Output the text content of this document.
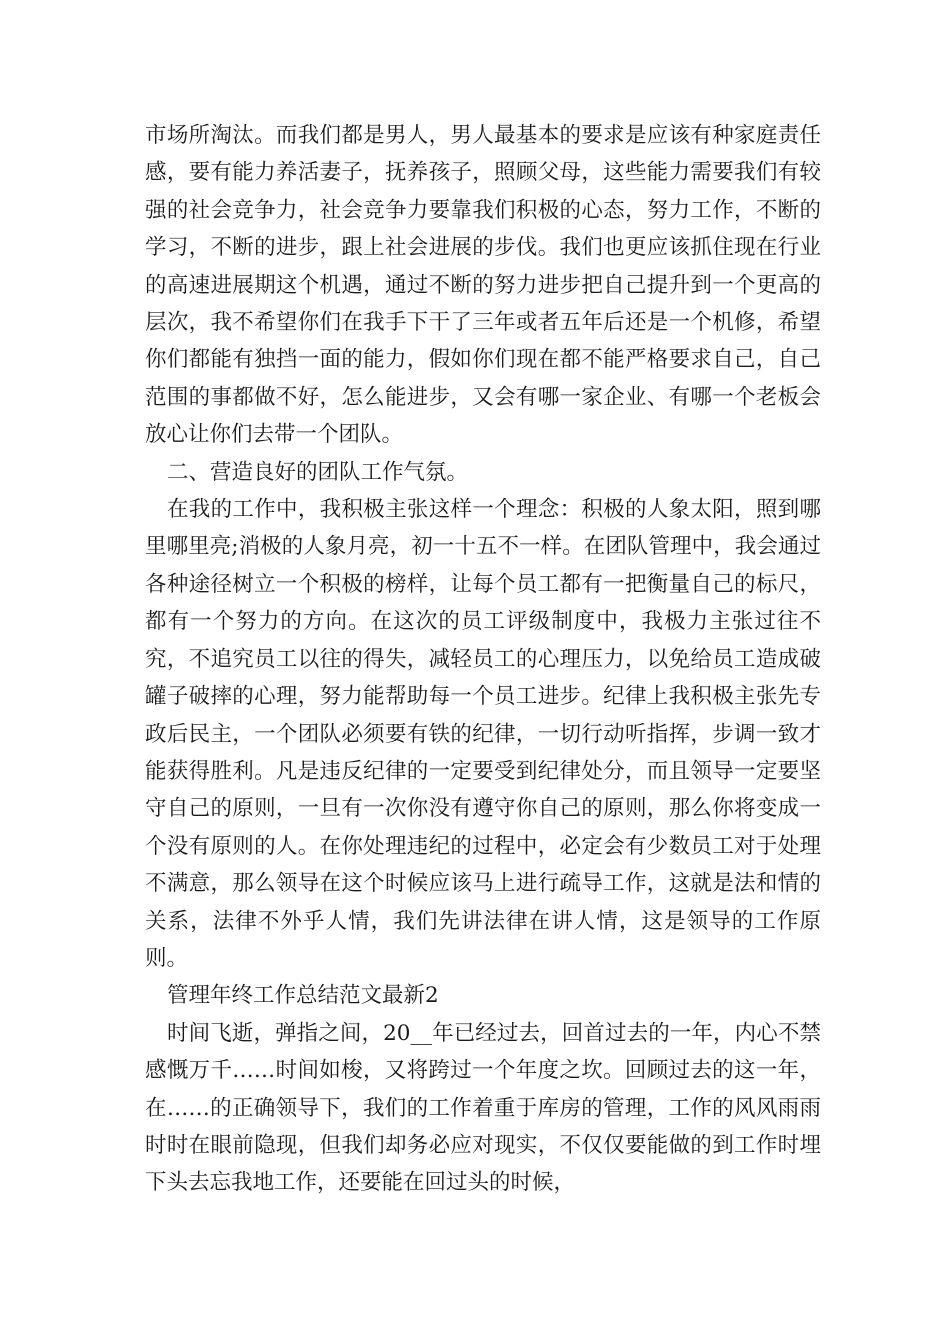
市场所淘汰。而我们都是男人，男人最基本的要求是应该有种家庭责任感，要有能力养活妻子，抚养孩子，照顾父母，这些能力需要我们有较强的社会竞争力，社会竞争力要靠我们积极的心态，努力工作，不断的学习，不断的进步，跟上社会进展的步伐。我们也更应该抓住现在行业的高速进展期这个机遇，通过不断的努力进步把自己提升到一个更高的层次，我不希望你们在我手下干了三年或者五年后还是一个机修，希望你们都能有独挡一面的能力，假如你们现在都不能严格要求自己，自己范围的事都做不好，怎么能进步，又会有哪一家企业、有哪一个老板会放心让你们去带一个团队。

二、营造良好的团队工作气氛。

在我的工作中，我积极主张这样一个理念：积极的人象太阳，照到哪里哪里亮;消极的人象月亮，初一十五不一样。在团队管理中，我会通过各种途径树立一个积极的榜样，让每个员工都有一把衡量自己的标尺，都有一个努力的方向。在这次的员工评级制度中，我极力主张过往不究，不追究员工以往的得失，减轻员工的心理压力，以免给员工造成破罐子破摔的心理，努力能帮助每一个员工进步。纪律上我积极主张先专政后民主，一个团队必须要有铁的纪律，一切行动听指挥，步调一致才能获得胜利。凡是违反纪律的一定要受到纪律处分，而且领导一定要坚守自己的原则，一旦有一次你没有遵守你自己的原则，那么你将变成一个没有原则的人。在你处理违纪的过程中，必定会有少数员工对于处理不满意，那么领导在这个时候应该马上进行疏导工作，这就是法和情的关系，法律不外乎人情，我们先讲法律在讲人情，这是领导的工作原则。

管理年终工作总结范文最新2

时间飞逝，弹指之间，20__年已经过去，回首过去的一年，内心不禁感慨万千……时间如梭，又将跨过一个年度之坎。回顾过去的这一年，在……的正确领导下，我们的工作着重于库房的管理，工作的风风雨雨时时在眼前隐现，但我们却务必应对现实，不仅仅要能做的到工作时埋下头去忘我地工作，还要能在回过头的时候，
